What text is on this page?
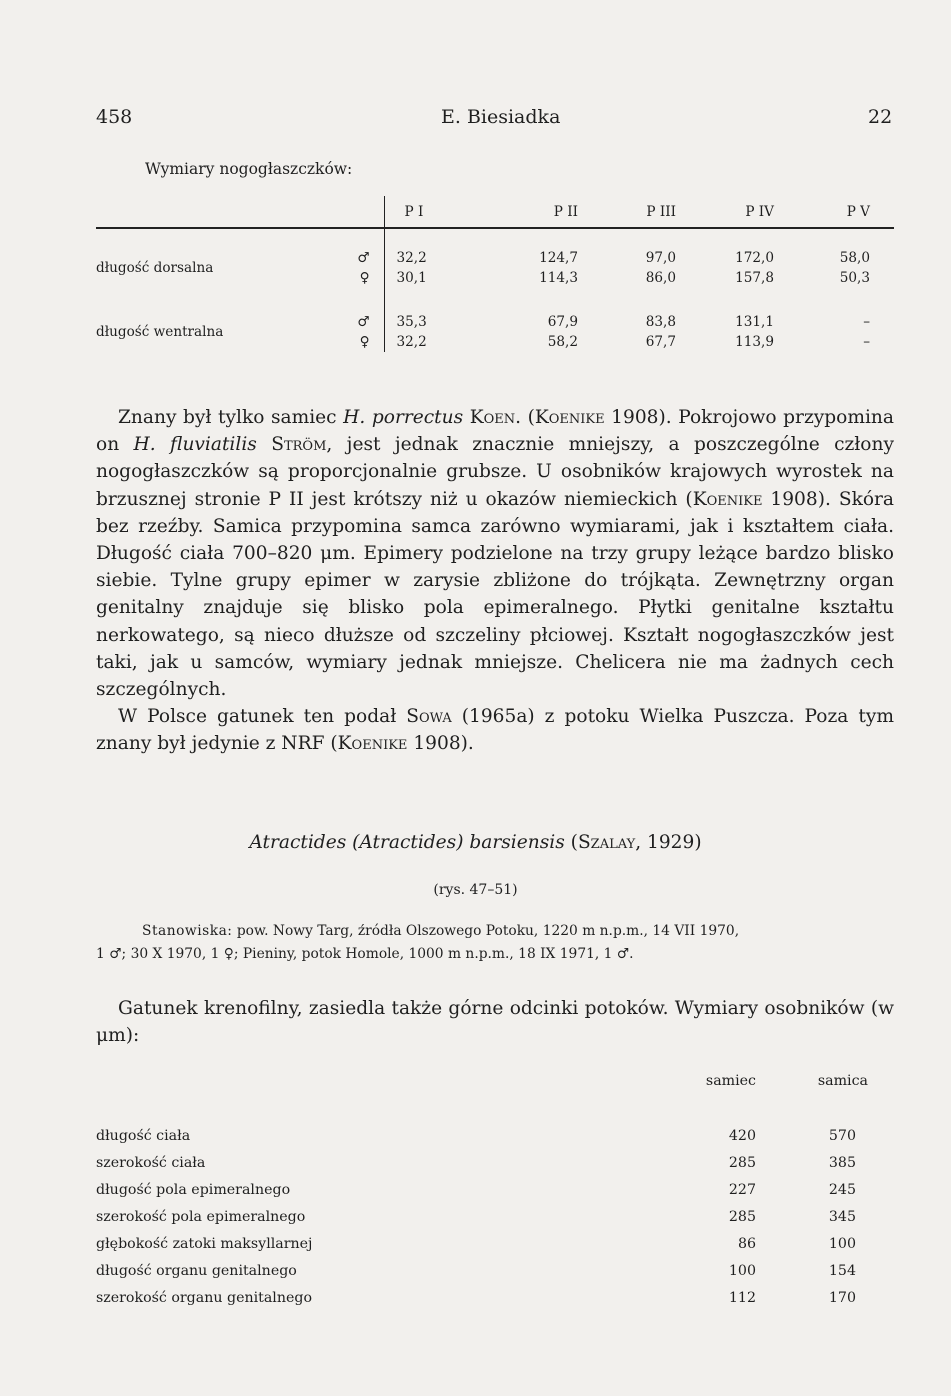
458	E. Biesiadka	22
Wymiary nogogłaszczków:
		P I	P II	P III	P IV	P V

długość dorsalna	♂	32,2	124,7	97,0	172,0	58,0
	♀	30,1	114,3	86,0	157,8	50,3

długość wentralna	♂	35,3	67,9	83,8	131,1	–
	♀	32,2	58,2	67,7	113,9	–

Znany był tylko samiec H. porrectus Koen. (Koenike 1908). Pokrojowo przypomina on H. fluviatilis Ström, jest jednak znacznie mniejszy, a poszczególne człony nogogłaszczków są proporcjonalnie grubsze. U osobników krajowych wyrostek na brzusznej stronie P II jest krótszy niż u okazów niemieckich (Koenike 1908). Skóra bez rzeźby. Samica przypomina samca zarówno wymiarami, jak i kształtem ciała. Długość ciała 700–820 μm. Epimery podzielone na trzy grupy leżące bardzo blisko siebie. Tylne grupy epimer w zarysie zbliżone do trójkąta. Zewnętrzny organ genitalny znajduje się blisko pola epimeralnego. Płytki genitalne kształtu nerkowatego, są nieco dłuższe od szczeliny płciowej. Kształt nogogłaszczków jest taki, jak u samców, wymiary jednak mniejsze. Chelicera nie ma żadnych cech szczególnych.

W Polsce gatunek ten podał Sowa (1965a) z potoku Wielka Puszcza. Poza tym znany był jedynie z NRF (Koenike 1908).

Atractides (Atractides) barsiensis (Szalay, 1929)
(rys. 47–51)
Stanowiska: pow. Nowy Targ, źródła Olszowego Potoku, 1220 m n.p.m., 14 VII 1970,
1 ♂; 30 X 1970, 1 ♀; Pieniny, potok Homole, 1000 m n.p.m., 18 IX 1971, 1 ♂.

Gatunek krenofilny, zasiedla także górne odcinki potoków. Wymiary osobników (w μm):

	samiec	samica
długość ciała	420	570
szerokość ciała	285	385
długość pola epimeralnego	227	245
szerokość pola epimeralnego	285	345
głębokość zatoki maksyllarnej	86	100
długość organu genitalnego	100	154
szerokość organu genitalnego	112	170
